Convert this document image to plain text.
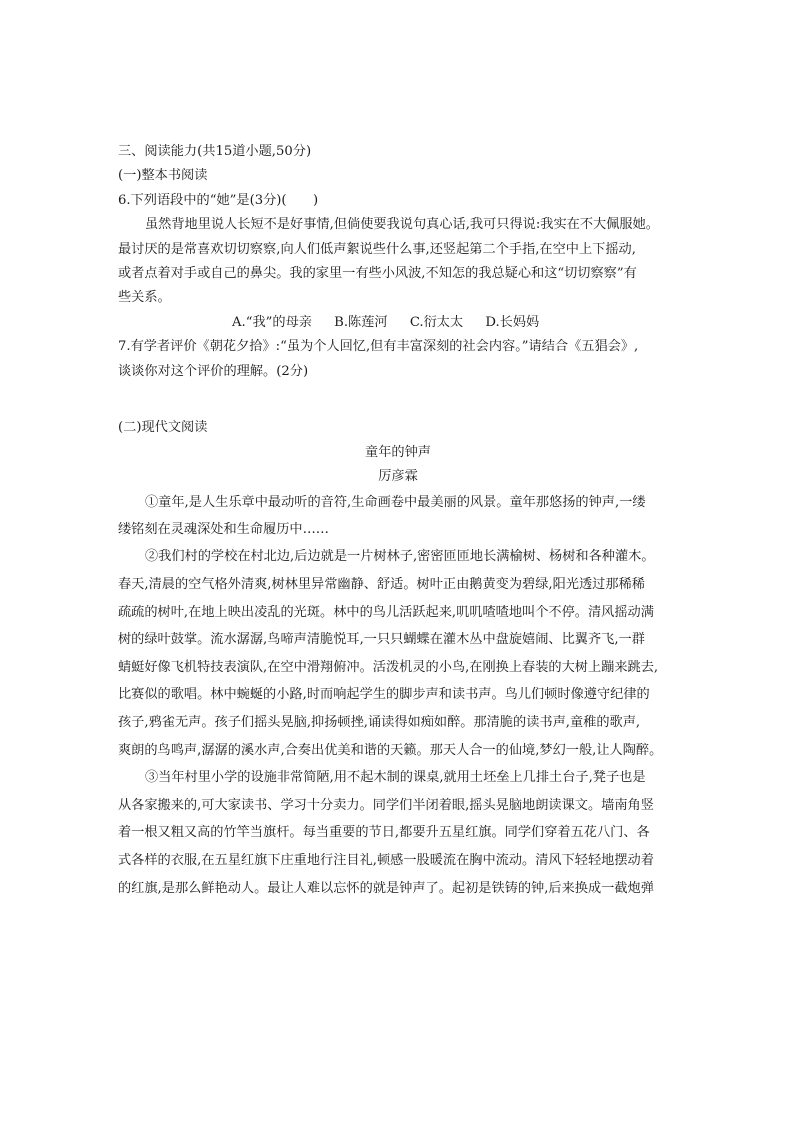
三、阅读能力(共15道小题,50分)
(一)整本书阅读
6.下列语段中的“她”是(3分)(　　)
虽然背地里说人长短不是好事情,但倘使要我说句真心话,我可只得说:我实在不大佩服她。
最讨厌的是常喜欢切切察察,向人们低声絮说些什么事,还竖起第二个手指,在空中上下摇动,
或者点着对手或自己的鼻尖。我的家里一有些小风波,不知怎的我总疑心和这“切切察察”有
些关系。
A.“我”的母亲 B.陈莲河 C.衍太太 D.长妈妈
7.有学者评价《朝花夕拾》:“虽为个人回忆,但有丰富深刻的社会内容。”请结合《五猖会》,
谈谈你对这个评价的理解。(2分)
(二)现代文阅读
童年的钟声
厉彦霖
①童年,是人生乐章中最动听的音符,生命画卷中最美丽的风景。童年那悠扬的钟声,一缕
缕铭刻在灵魂深处和生命履历中……
②我们村的学校在村北边,后边就是一片树林子,密密匝匝地长满榆树、杨树和各种灌木。
春天,清晨的空气格外清爽,树林里异常幽静、舒适。树叶正由鹅黄变为碧绿,阳光透过那稀稀
疏疏的树叶,在地上映出凌乱的光斑。林中的鸟儿活跃起来,叽叽喳喳地叫个不停。清风摇动满
树的绿叶鼓掌。流水潺潺,鸟啼声清脆悦耳,一只只蝴蝶在灌木丛中盘旋嬉闹、比翼齐飞,一群
蜻蜓好像飞机特技表演队,在空中滑翔俯冲。活泼机灵的小鸟,在刚换上春装的大树上蹦来跳去,
比赛似的歌唱。林中蜿蜒的小路,时而响起学生的脚步声和读书声。鸟儿们顿时像遵守纪律的
孩子,鸦雀无声。孩子们摇头晃脑,抑扬顿挫,诵读得如痴如醉。那清脆的读书声,童稚的歌声,
爽朗的鸟鸣声,潺潺的溪水声,合奏出优美和谐的天籁。那天人合一的仙境,梦幻一般,让人陶醉。
③当年村里小学的设施非常简陋,用不起木制的课桌,就用土坯垒上几排土台子,凳子也是
从各家搬来的,可大家读书、学习十分卖力。同学们半闭着眼,摇头晃脑地朗读课文。墙南角竖
着一根又粗又高的竹竿当旗杆。每当重要的节日,都要升五星红旗。同学们穿着五花八门、各
式各样的衣服,在五星红旗下庄重地行注目礼,顿感一股暖流在胸中流动。清风下轻轻地摆动着
的红旗,是那么鲜艳动人。最让人难以忘怀的就是钟声了。起初是铁铸的钟,后来换成一截炮弹
